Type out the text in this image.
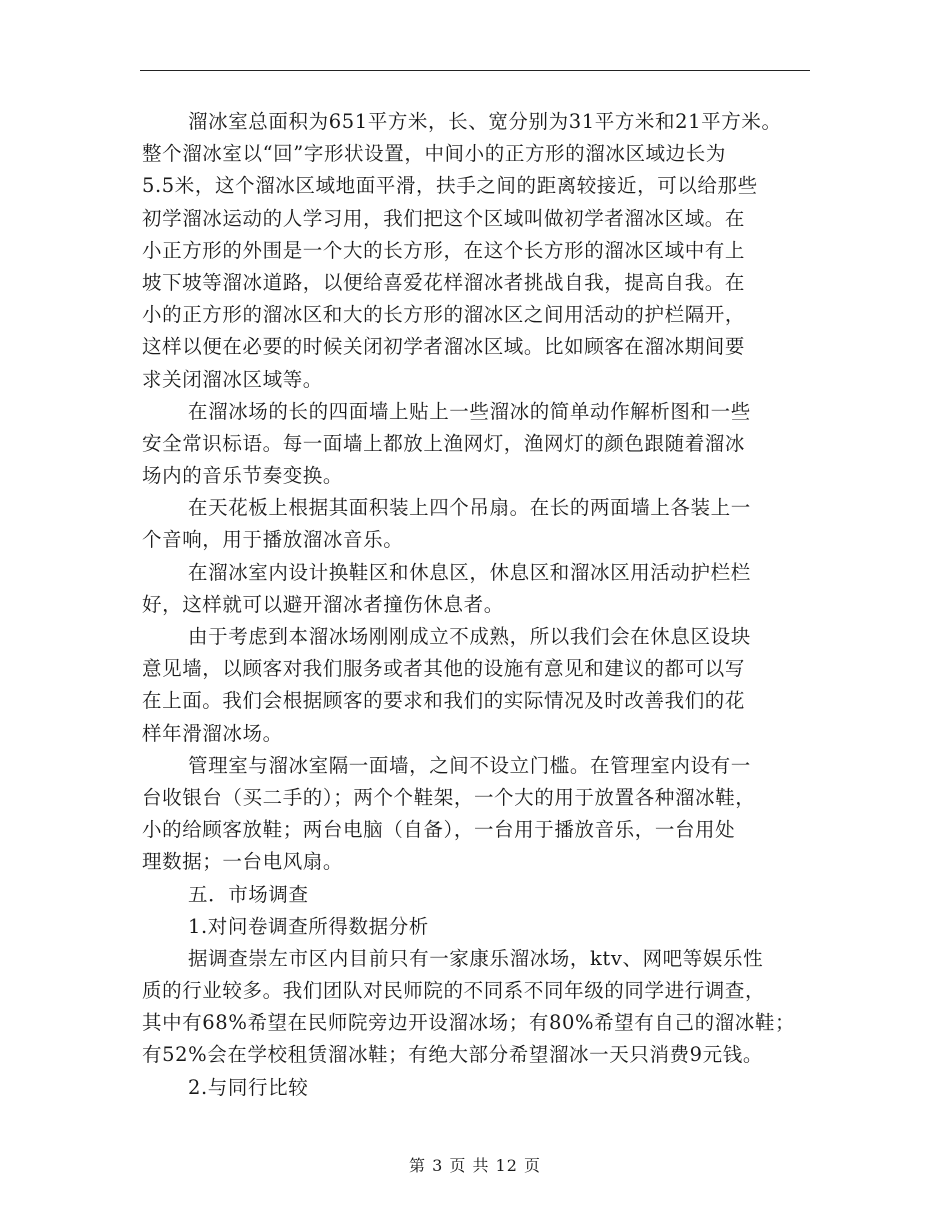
溜冰室总面积为651平方米，长、宽分别为31平方米和21平方米。
整个溜冰室以“回”字形状设置，中间小的正方形的溜冰区域边长为
5.5米，这个溜冰区域地面平滑，扶手之间的距离较接近，可以给那些
初学溜冰运动的人学习用，我们把这个区域叫做初学者溜冰区域。在
小正方形的外围是一个大的长方形，在这个长方形的溜冰区域中有上
坡下坡等溜冰道路，以便给喜爱花样溜冰者挑战自我，提高自我。在
小的正方形的溜冰区和大的长方形的溜冰区之间用活动的护栏隔开，
这样以便在必要的时候关闭初学者溜冰区域。比如顾客在溜冰期间要
求关闭溜冰区域等。
在溜冰场的长的四面墙上贴上一些溜冰的简单动作解析图和一些
安全常识标语。每一面墙上都放上渔网灯，渔网灯的颜色跟随着溜冰
场内的音乐节奏变换。
在天花板上根据其面积装上四个吊扇。在长的两面墙上各装上一
个音响，用于播放溜冰音乐。
在溜冰室内设计换鞋区和休息区，休息区和溜冰区用活动护栏栏
好，这样就可以避开溜冰者撞伤休息者。
由于考虑到本溜冰场刚刚成立不成熟，所以我们会在休息区设块
意见墙，以顾客对我们服务或者其他的设施有意见和建议的都可以写
在上面。我们会根据顾客的要求和我们的实际情况及时改善我们的花
样年滑溜冰场。
管理室与溜冰室隔一面墙，之间不设立门槛。在管理室内设有一
台收银台（买二手的）；两个个鞋架，一个大的用于放置各种溜冰鞋，
小的给顾客放鞋；两台电脑（自备），一台用于播放音乐，一台用处
理数据；一台电风扇。
五．市场调查
1.对问卷调查所得数据分析
据调查崇左市区内目前只有一家康乐溜冰场，ktv、网吧等娱乐性
质的行业较多。我们团队对民师院的不同系不同年级的同学进行调查，
其中有68%希望在民师院旁边开设溜冰场；有80%希望有自己的溜冰鞋；
有52%会在学校租赁溜冰鞋；有绝大部分希望溜冰一天只消费9元钱。
2.与同行比较
第 3 页 共 12 页
